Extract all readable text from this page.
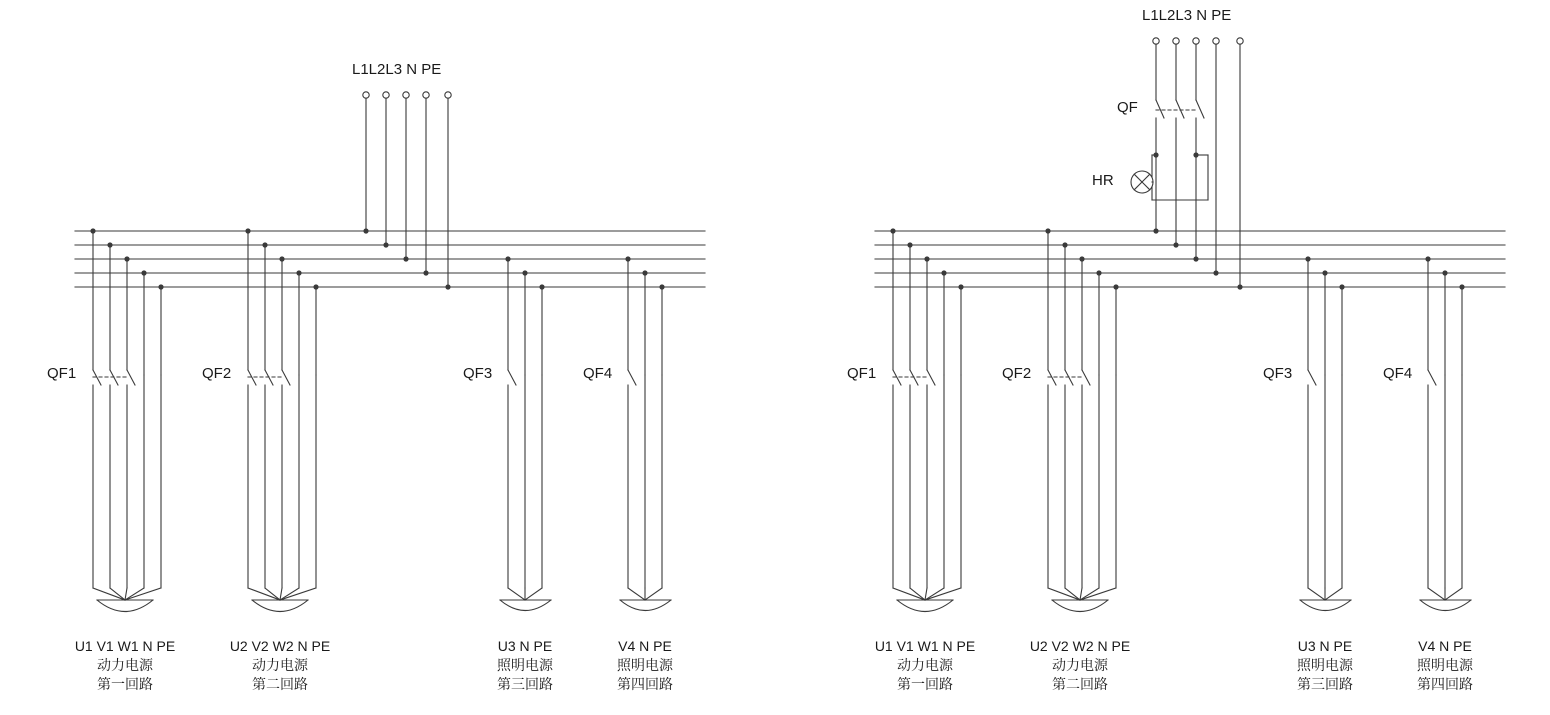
L1L2L3 N PE
QF1	QF2	QF3	QF4
U1 V1 W1 N PE
动力电源
第一回路
U2 V2 W2 N PE
动力电源
第二回路
U3 N PE
照明电源
第三回路
V4 N PE
照明电源
第四回路
L1L2L3 N PE
QF
HR
QF1	QF2	QF3	QF4
U1 V1 W1 N PE
动力电源
第一回路
U2 V2 W2 N PE
动力电源
第二回路
U3 N PE
照明电源
第三回路
V4 N PE
照明电源
第四回路
